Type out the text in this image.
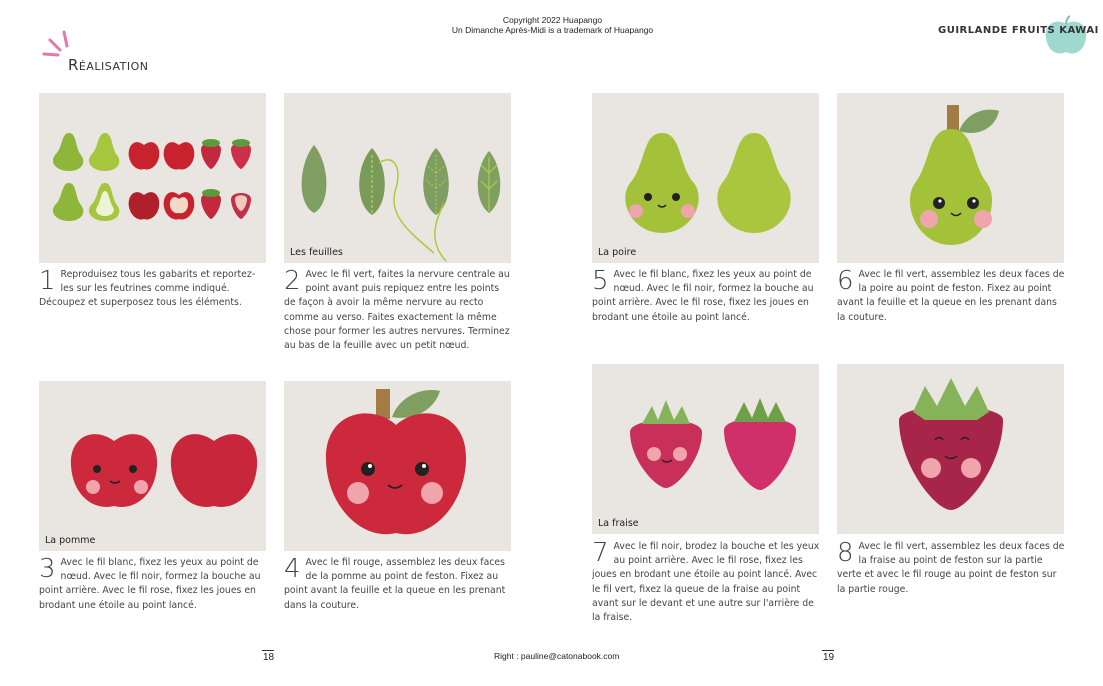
Copyright 2022 Huapango
Un Dimanche Après-Midi is a trademark of Huapango
Réalisation
GUIRLANDE FRUITS KAWAI
Les feuilles	La poire
La pomme
La fraise
1 Reproduisez tous les gabarits et reportez-les sur les feutrines comme indiqué. Découpez et superposez tous les éléments.
2 Avec le fil vert, faites la nervure centrale au point avant puis repiquez entre les points de façon à avoir la même nervure au recto comme au verso. Faites exactement la même chose pour former les autres nervures. Terminez au bas de la feuille avec un petit nœud.
3 Avec le fil blanc, fixez les yeux au point de nœud. Avec le fil noir, formez la bouche au point arrière. Avec le fil rose, fixez les joues en brodant une étoile au point lancé.
4 Avec le fil rouge, assemblez les deux faces de la pomme au point de feston. Fixez au point avant la feuille et la queue en les prenant dans la couture.
5 Avec le fil blanc, fixez les yeux au point de nœud. Avec le fil noir, formez la bouche au point arrière. Avec le fil rose, fixez les joues en brodant une étoile au point lancé.
6 Avec le fil vert, assemblez les deux faces de la poire au point de feston. Fixez au point avant la feuille et la queue en les prenant dans la couture.
7 Avec le fil noir, brodez la bouche et les yeux au point arrière. Avec le fil rose, fixez les joues en brodant une étoile au point lancé. Avec le fil vert, fixez la queue de la fraise au point avant sur le devant et une autre sur l'arrière de la fraise.
8 Avec le fil vert, assemblez les deux faces de la fraise au point de feston sur la partie verte et avec le fil rouge au point de feston sur la partie rouge.
18	Right : pauline@catonabook.com	19
